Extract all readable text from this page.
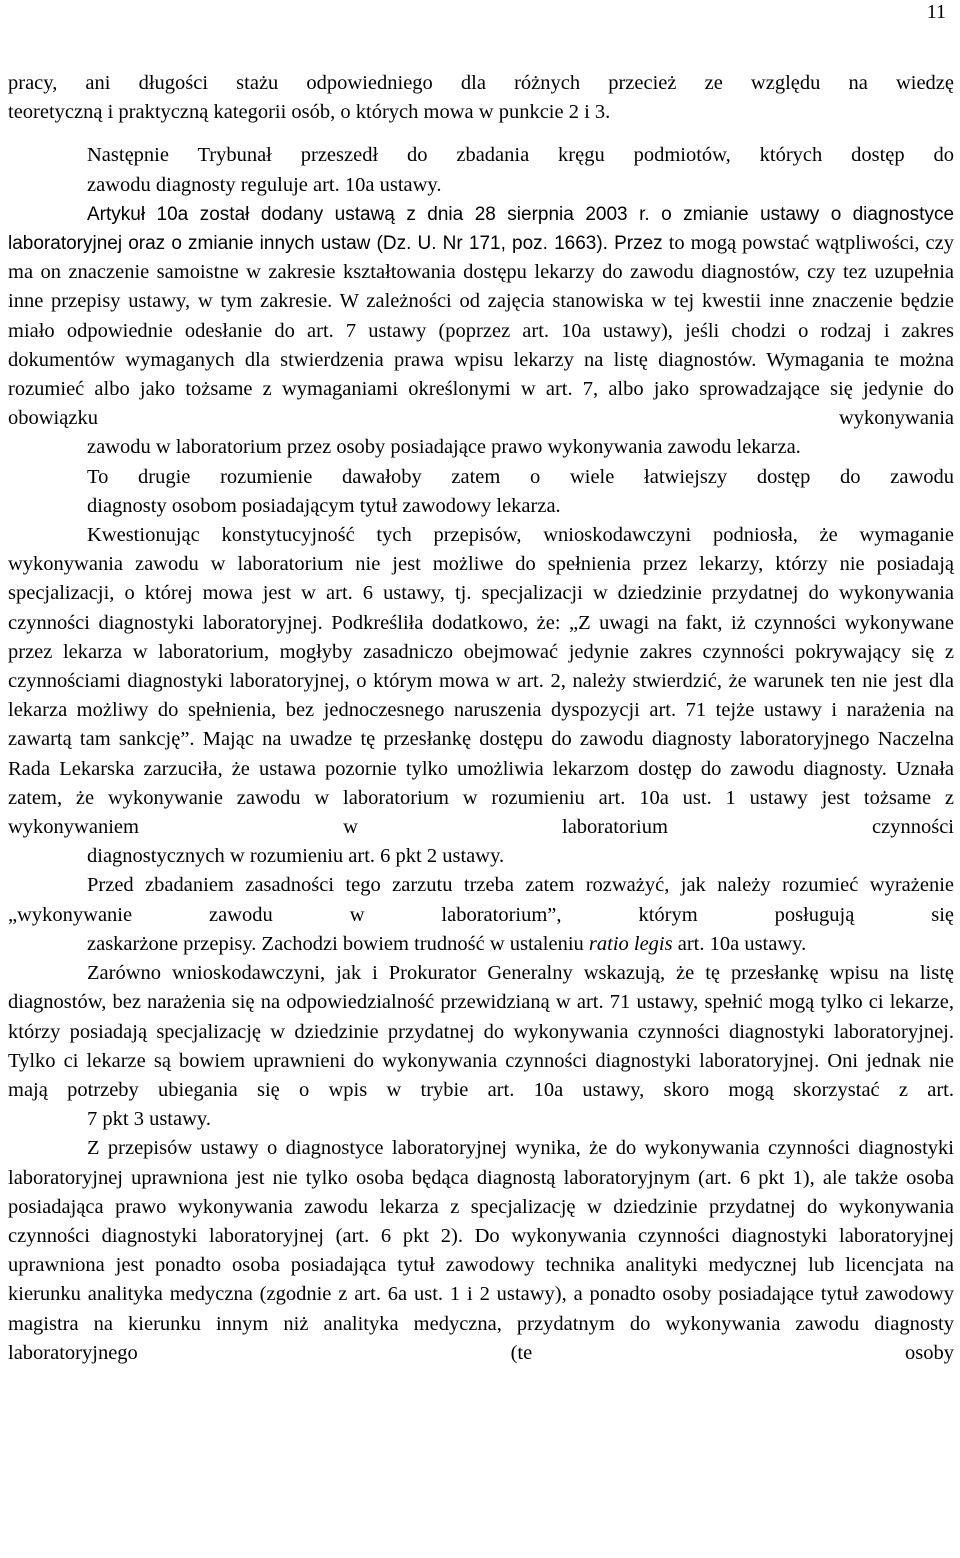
11

pracy, ani długości stażu odpowiedniego dla różnych przecież ze względu na wiedzę
teoretyczną i praktyczną kategorii osób, o których mowa w punkcie 2 i 3.

Następnie Trybunał przeszedł do zbadania kręgu podmiotów, których dostęp do
zawodu diagnosty reguluje art. 10a ustawy.

Artykuł 10a został dodany ustawą z dnia 28 sierpnia 2003 r. o zmianie ustawy o diagnostyce laboratoryjnej oraz o zmianie innych ustaw (Dz. U. Nr 171, poz. 1663). Przez to mogą powstać wątpliwości, czy ma on znaczenie samoistne w zakresie kształtowania dostępu lekarzy do zawodu diagnostów, czy tez uzupełnia inne przepisy ustawy, w tym zakresie. W zależności od zajęcia stanowiska w tej kwestii inne znaczenie będzie miało odpowiednie odesłanie do art. 7 ustawy (poprzez art. 10a ustawy), jeśli chodzi o rodzaj i zakres dokumentów wymaganych dla stwierdzenia prawa wpisu lekarzy na listę diagnostów. Wymagania te można rozumieć albo jako tożsame z wymaganiami określonymi w art. 7, albo jako sprowadzające się jedynie do obowiązku wykonywania
zawodu w laboratorium przez osoby posiadające prawo wykonywania zawodu lekarza.

To drugie rozumienie dawałoby zatem o wiele łatwiejszy dostęp do zawodu
diagnosty osobom posiadającym tytuł zawodowy lekarza.

Kwestionując konstytucyjność tych przepisów, wnioskodawczyni podniosła, że wymaganie wykonywania zawodu w laboratorium nie jest możliwe do spełnienia przez lekarzy, którzy nie posiadają specjalizacji, o której mowa jest w art. 6 ustawy, tj. specjalizacji w dziedzinie przydatnej do wykonywania czynności diagnostyki laboratoryjnej. Podkreśliła dodatkowo, że: „Z uwagi na fakt, iż czynności wykonywane przez lekarza w laboratorium, mogłyby zasadniczo obejmować jedynie zakres czynności pokrywający się z czynnościami diagnostyki laboratoryjnej, o którym mowa w art. 2, należy stwierdzić, że warunek ten nie jest dla lekarza możliwy do spełnienia, bez jednoczesnego naruszenia dyspozycji art. 71 tejże ustawy i narażenia na zawartą tam sankcję”. Mając na uwadze tę przesłankę dostępu do zawodu diagnosty laboratoryjnego Naczelna Rada Lekarska zarzuciła, że ustawa pozornie tylko umożliwia lekarzom dostęp do zawodu diagnosty. Uznała zatem, że wykonywanie zawodu w laboratorium w rozumieniu art. 10a ust. 1 ustawy jest tożsame z wykonywaniem w laboratorium czynności
diagnostycznych w rozumieniu art. 6 pkt 2 ustawy.

Przed zbadaniem zasadności tego zarzutu trzeba zatem rozważyć, jak należy rozumieć wyrażenie „wykonywanie zawodu w laboratorium”, którym posługują się
zaskarżone przepisy. Zachodzi bowiem trudność w ustaleniu ratio legis art. 10a ustawy.

Zarówno wnioskodawczyni, jak i Prokurator Generalny wskazują, że tę przesłankę wpisu na listę diagnostów, bez narażenia się na odpowiedzialność przewidzianą w art. 71 ustawy, spełnić mogą tylko ci lekarze, którzy posiadają specjalizację w dziedzinie przydatnej do wykonywania czynności diagnostyki laboratoryjnej. Tylko ci lekarze są bowiem uprawnieni do wykonywania czynności diagnostyki laboratoryjnej. Oni jednak nie mają potrzeby ubiegania się o wpis w trybie art. 10a ustawy, skoro mogą skorzystać z art.
7 pkt 3 ustawy.

Z przepisów ustawy o diagnostyce laboratoryjnej wynika, że do wykonywania czynności diagnostyki laboratoryjnej uprawniona jest nie tylko osoba będąca diagnostą laboratoryjnym (art. 6 pkt 1), ale także osoba posiadająca prawo wykonywania zawodu lekarza z specjalizację w dziedzinie przydatnej do wykonywania czynności diagnostyki laboratoryjnej (art. 6 pkt 2). Do wykonywania czynności diagnostyki laboratoryjnej uprawniona jest ponadto osoba posiadająca tytuł zawodowy technika analityki medycznej lub licencjata na kierunku analityka medyczna (zgodnie z art. 6a ust. 1 i 2 ustawy), a ponadto osoby posiadające tytuł zawodowy magistra na kierunku innym niż analityka medyczna, przydatnym do wykonywania zawodu diagnosty laboratoryjnego (te osoby
